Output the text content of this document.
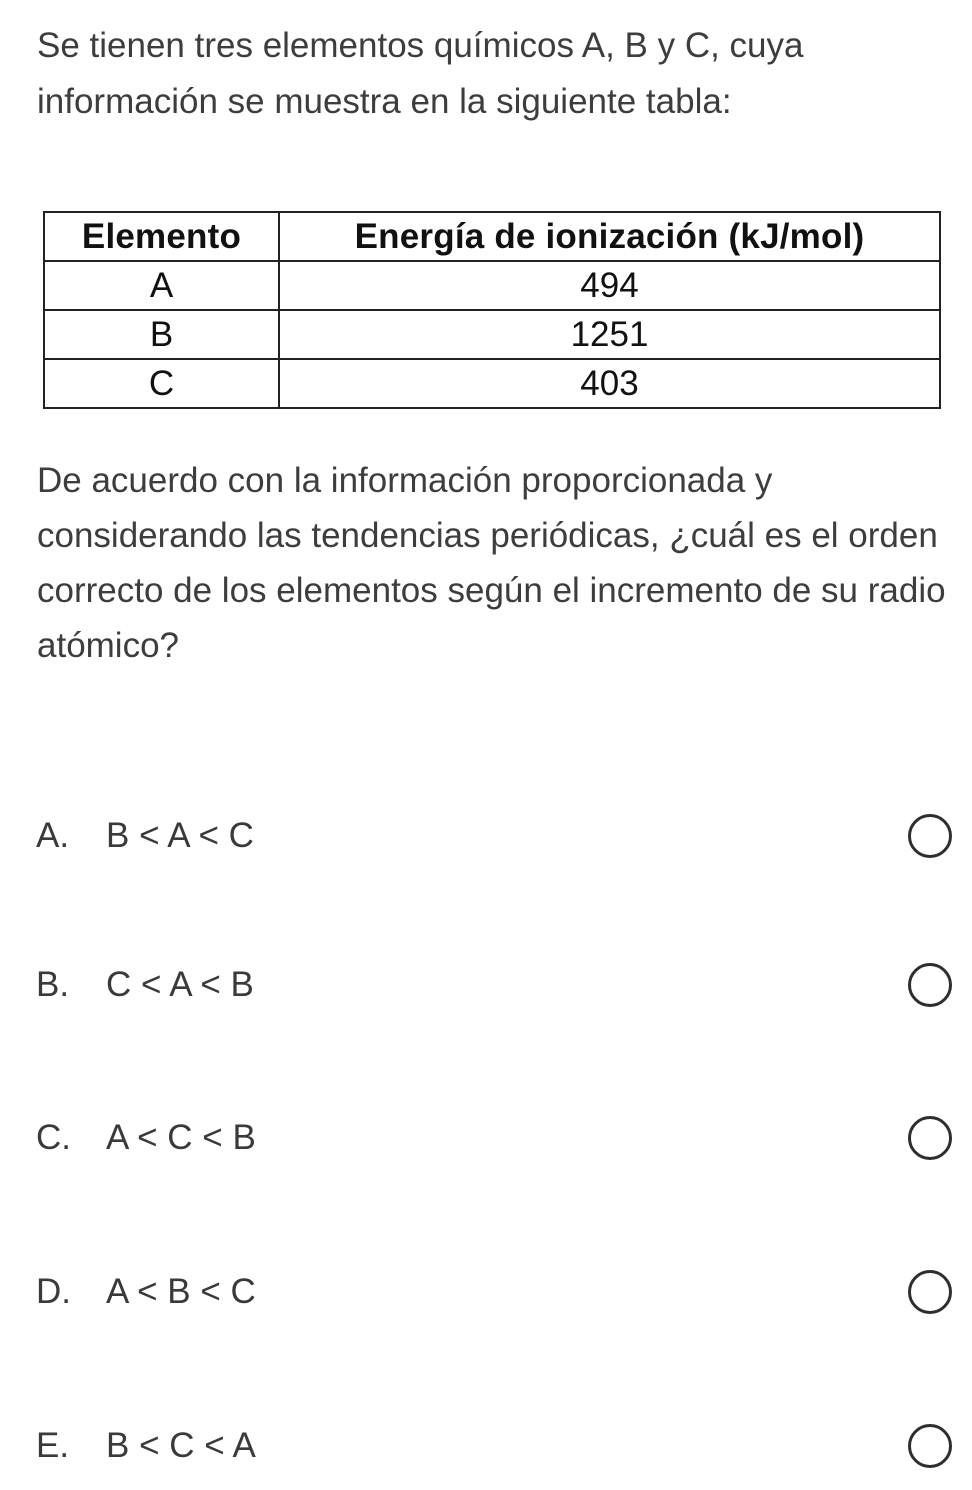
Se tienen tres elementos químicos A, B y C, cuya información se muestra en la siguiente tabla:

Elemento	Energía de ionización (kJ/mol)
A	494
B	1251
C	403

De acuerdo con la información proporcionada y considerando las tendencias periódicas, ¿cuál es el orden correcto de los elementos según el incremento de su radio atómico?

A. B < A < C
B. C < A < B
C. A < C < B
D. A < B < C
E. B < C < A
